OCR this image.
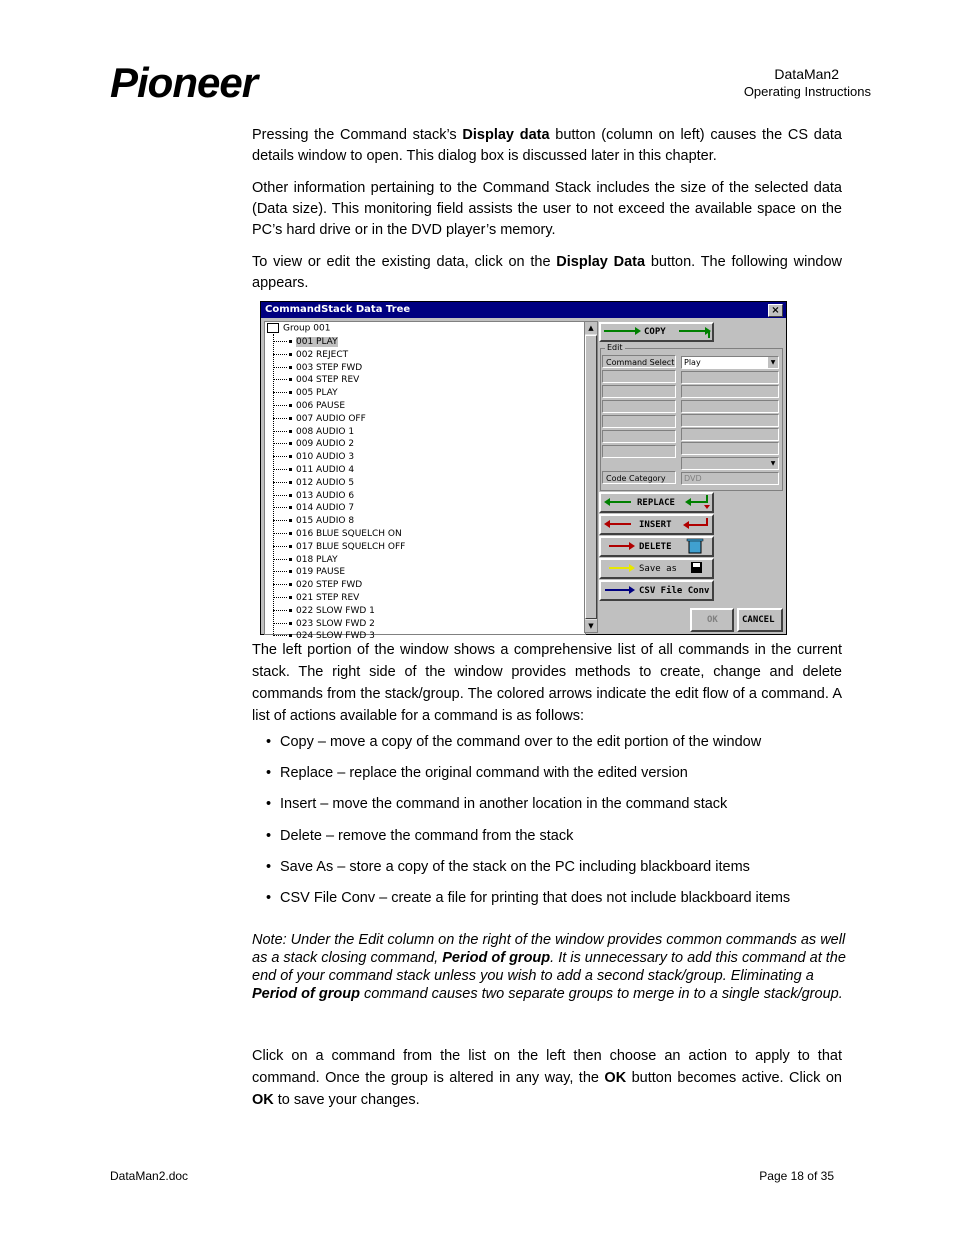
Pioneer	DataMan2
Operating Instructions
Pressing the Command stack’s Display data button (column on left) causes the CS data details window to open. This dialog box is discussed later in this chapter.
Other information pertaining to the Command Stack includes the size of the selected data (Data size). This monitoring field assists the user to not exceed the available space on the PC’s hard drive or in the DVD player’s memory.
To view or edit the existing data, click on the Display Data button. The following window appears.
CommandStack Data Tree	×
Group 001
001 PLAY
002 REJECT
003 STEP FWD
004 STEP REV
005 PLAY
006 PAUSE
007 AUDIO OFF
008 AUDIO 1
009 AUDIO 2
010 AUDIO 3
011 AUDIO 4
012 AUDIO 5
013 AUDIO 6
014 AUDIO 7
015 AUDIO 8
016 BLUE SQUELCH ON
017 BLUE SQUELCH OFF
018 PLAY
019 PAUSE
020 STEP FWD
021 STEP REV
022 SLOW FWD 1
023 SLOW FWD 2
024 SLOW FWD 3
▲
▼
COPY
Edit
Command Select	Play	▼
▼
Code Category	DVD
REPLACE
INSERT
DELETE
Save as
CSV File Conv
OK	CANCEL
The left portion of the window shows a comprehensive list of all commands in the current stack. The right side of the window provides methods to create, change and delete commands from the stack/group. The colored arrows indicate the edit flow of a command. A list of actions available for a command is as follows:
• Copy – move a copy of the command over to the edit portion of the window
• Replace – replace the original command with the edited version
• Insert – move the command in another location in the command stack
• Delete – remove the command from the stack
• Save As – store a copy of the stack on the PC including blackboard items
• CSV File Conv – create a file for printing that does not include blackboard items
Note: Under the Edit column on the right of the window provides common commands as well as a stack closing command, Period of group. It is unnecessary to add this command at the end of your command stack unless you wish to add a second stack/group. Eliminating a Period of group command causes two separate groups to merge in to a single stack/group.
Click on a command from the list on the left then choose an action to apply to that command. Once the group is altered in any way, the OK button becomes active. Click on OK to save your changes.
DataMan2.doc	Page 18 of 35
